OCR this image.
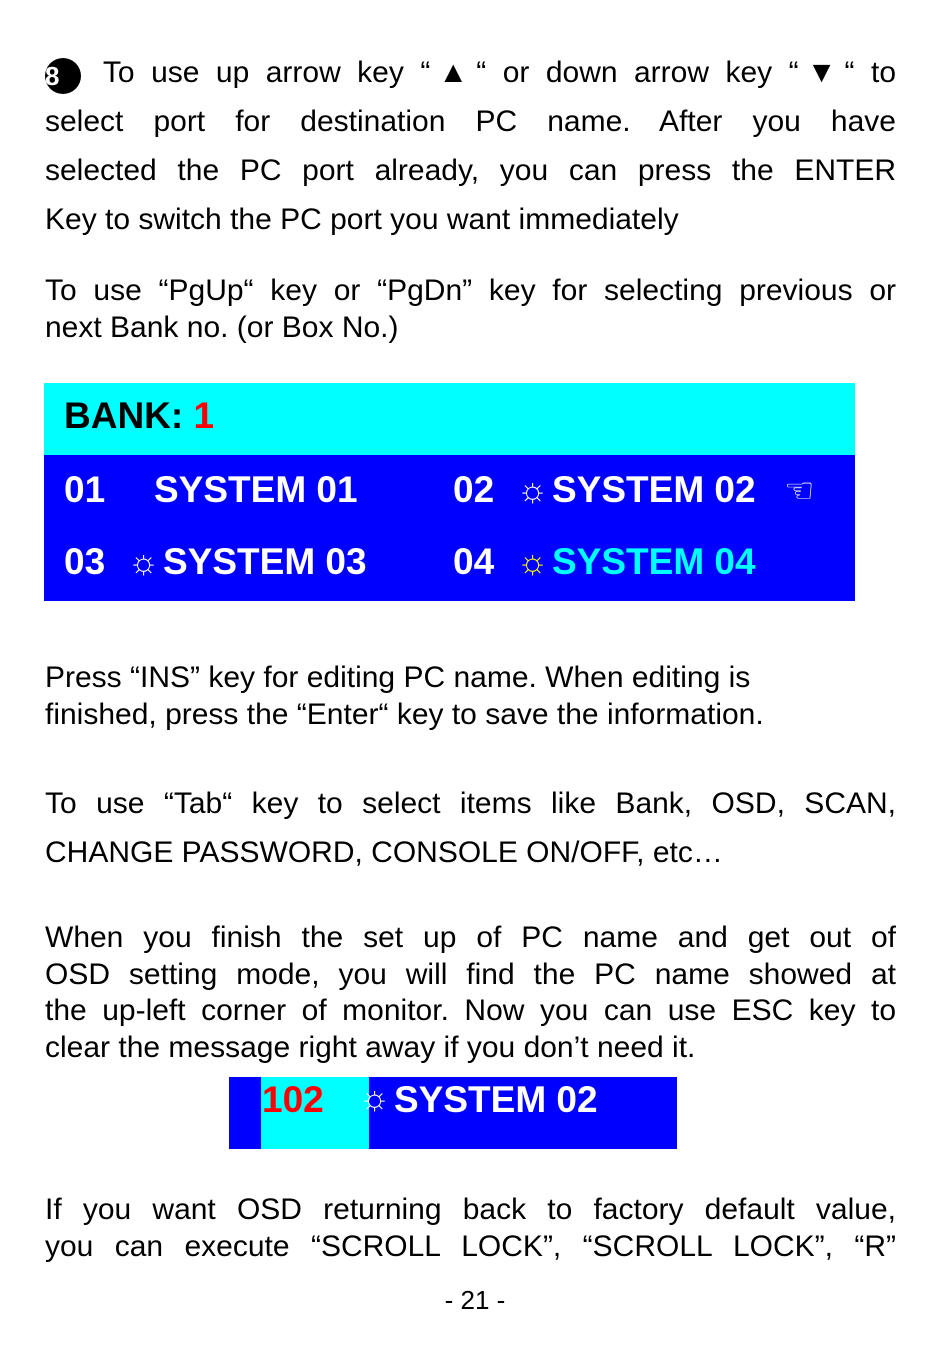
8 To use up arrow key “▲“ or down arrow key “▼“ to
select port for destination PC name. After you have
selected the PC port already, you can press the ENTER
Key to switch the PC port you want immediately
To use “PgUp“ key or “PgDn” key for selecting previous or
next Bank no. (or Box No.)
BANK: 1
01 SYSTEM 01	02 ☼ SYSTEM 02 ☜
03 ☼ SYSTEM 03 04 ☼ SYSTEM 04
Press “INS” key for editing PC name. When editing is
finished, press the “Enter“ key to save the information.
To use “Tab“ key to select items like Bank, OSD, SCAN,
CHANGE PASSWORD, CONSOLE ON/OFF, etc…
When you finish the set up of PC name and get out of
OSD setting mode, you will find the PC name showed at
the up-left corner of monitor. Now you can use ESC key to
clear the message right away if you don’t need it.
102 ☼ SYSTEM 02
If you want OSD returning back to factory default value,
you can execute “SCROLL LOCK”, “SCROLL LOCK”, “R”
- 21 -
